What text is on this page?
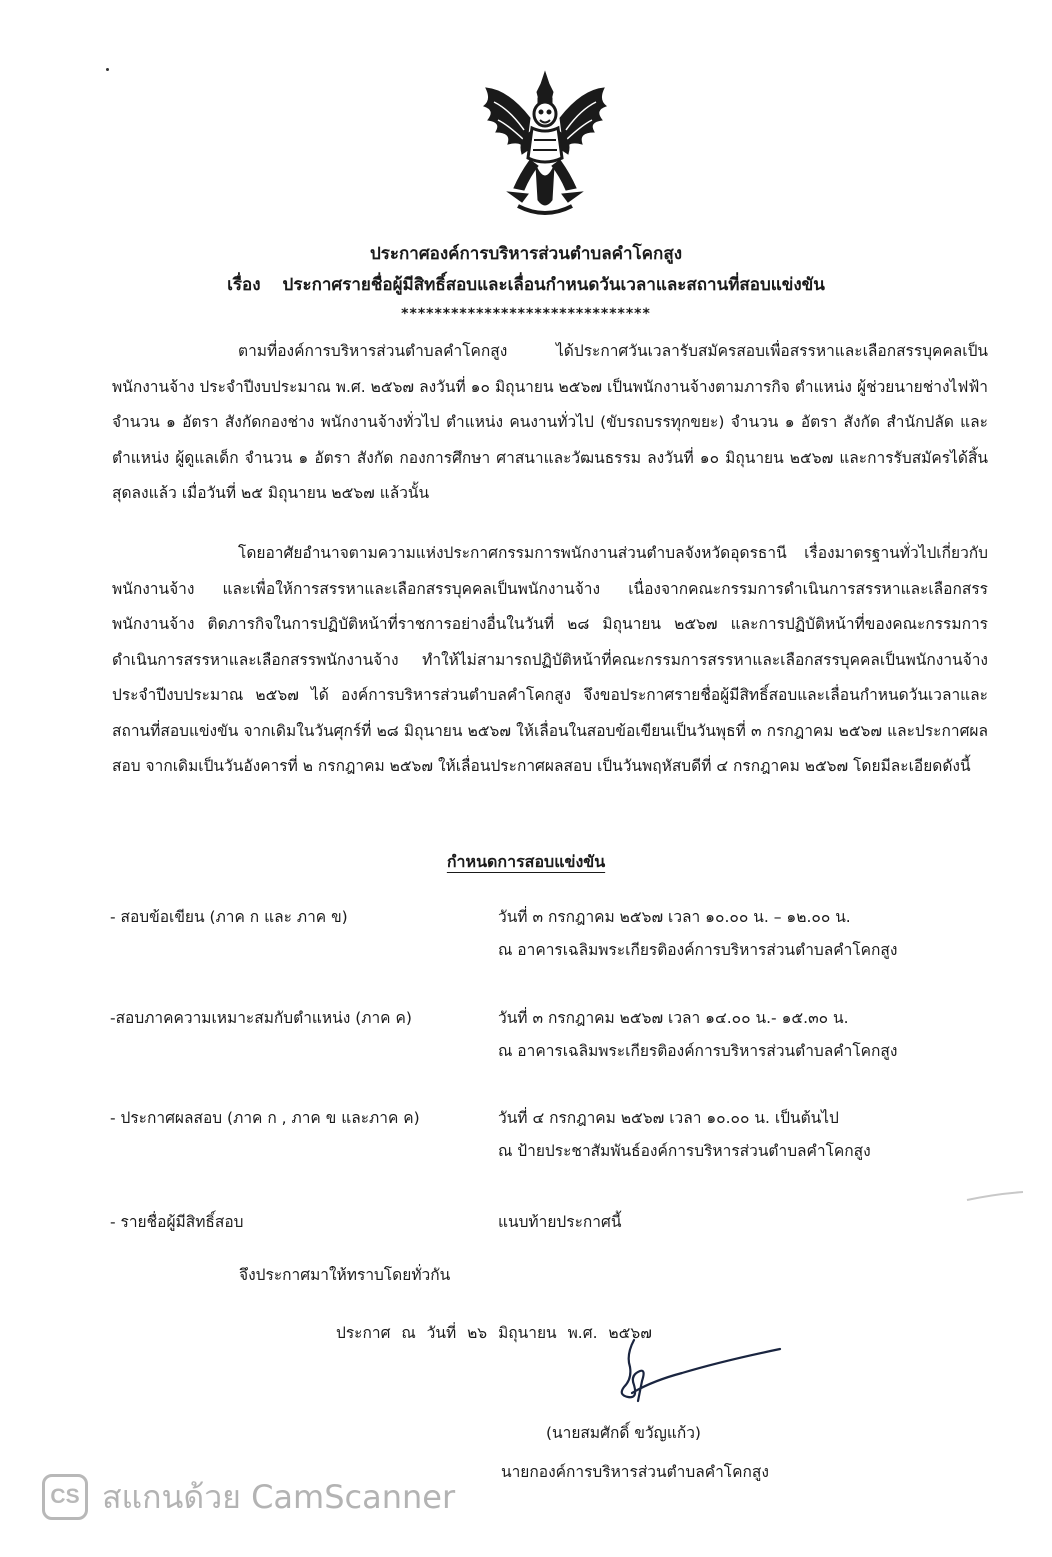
ประกาศองค์การบริหารส่วนตำบลคำโคกสูง
เรื่อง ประกาศรายชื่อผู้มีสิทธิ์สอบและเลื่อนกำหนดวันเวลาและสถานที่สอบแข่งขัน
******************************
ตามที่องค์การบริหารส่วนตำบลคำโคกสูง ได้ประกาศวันเวลารับสมัครสอบเพื่อสรรหาและเลือกสรรบุคคลเป็นพนักงานจ้าง ประจำปีงบประมาณ พ.ศ. ๒๕๖๗ ลงวันที่ ๑๐ มิถุนายน ๒๕๖๗ เป็นพนักงานจ้างตามภารกิจ ตำแหน่ง ผู้ช่วยนายช่างไฟฟ้า จำนวน ๑ อัตรา สังกัดกองช่าง พนักงานจ้างทั่วไป ตำแหน่ง คนงานทั่วไป (ขับรถบรรทุกขยะ) จำนวน ๑ อัตรา สังกัด สำนักปลัด และตำแหน่ง ผู้ดูแลเด็ก จำนวน ๑ อัตรา สังกัด กองการศึกษา ศาสนาและวัฒนธรรม ลงวันที่ ๑๐ มิถุนายน ๒๕๖๗ และการรับสมัครได้สิ้นสุดลงแล้ว เมื่อวันที่ ๒๕ มิถุนายน ๒๕๖๗ แล้วนั้น
โดยอาศัยอำนาจตามความแห่งประกาศกรรมการพนักงานส่วนตำบลจังหวัดอุดรธานี เรื่องมาตรฐานทั่วไปเกี่ยวกับพนักงานจ้าง และเพื่อให้การสรรหาและเลือกสรรบุคคลเป็นพนักงานจ้าง เนื่องจากคณะกรรมการดำเนินการสรรหาและเลือกสรรพนักงานจ้าง ติดภารกิจในการปฏิบัติหน้าที่ราชการอย่างอื่นในวันที่ ๒๘ มิถุนายน ๒๕๖๗ และการปฏิบัติหน้าที่ของคณะกรรมการดำเนินการสรรหาและเลือกสรรพนักงานจ้าง ทำให้ไม่สามารถปฏิบัติหน้าที่คณะกรรมการสรรหาและเลือกสรรบุคคลเป็นพนักงานจ้างประจำปีงบประมาณ ๒๕๖๗ ได้ องค์การบริหารส่วนตำบลคำโคกสูง จึงขอประกาศรายชื่อผู้มีสิทธิ์สอบและเลื่อนกำหนดวันเวลาและสถานที่สอบแข่งขัน จากเดิมในวันศุกร์ที่ ๒๘ มิถุนายน ๒๕๖๗ ให้เลื่อนในสอบข้อเขียนเป็นวันพุธที่ ๓ กรกฎาคม ๒๕๖๗ และประกาศผลสอบ จากเดิมเป็นวันอังคารที่ ๒ กรกฎาคม ๒๕๖๗ ให้เลื่อนประกาศผลสอบ เป็นวันพฤหัสบดีที่ ๔ กรกฎาคม ๒๕๖๗ โดยมีละเอียดดังนี้
กำหนดการสอบแข่งขัน
- สอบข้อเขียน (ภาค ก และ ภาค ข)	วันที่ ๓ กรกฎาคม ๒๕๖๗ เวลา ๑๐.๐๐ น. – ๑๒.๐๐ น.
ณ อาคารเฉลิมพระเกียรติองค์การบริหารส่วนตำบลคำโคกสูง
-สอบภาคความเหมาะสมกับตำแหน่ง (ภาค ค)	วันที่ ๓ กรกฎาคม ๒๕๖๗ เวลา ๑๔.๐๐ น.- ๑๕.๓๐ น.
ณ อาคารเฉลิมพระเกียรติองค์การบริหารส่วนตำบลคำโคกสูง
- ประกาศผลสอบ (ภาค ก , ภาค ข และภาค ค)	วันที่ ๔ กรกฎาคม ๒๕๖๗ เวลา ๑๐.๐๐ น. เป็นต้นไป
ณ ป้ายประชาสัมพันธ์องค์การบริหารส่วนตำบลคำโคกสูง
- รายชื่อผู้มีสิทธิ์สอบ	แนบท้ายประกาศนี้
จึงประกาศมาให้ทราบโดยทั่วกัน
ประกาศ ณ วันที่ ๒๖ มิถุนายน พ.ศ. ๒๕๖๗
(นายสมศักดิ์ ขวัญแก้ว)
นายกองค์การบริหารส่วนตำบลคำโคกสูง
CS สแกนด้วย CamScanner
